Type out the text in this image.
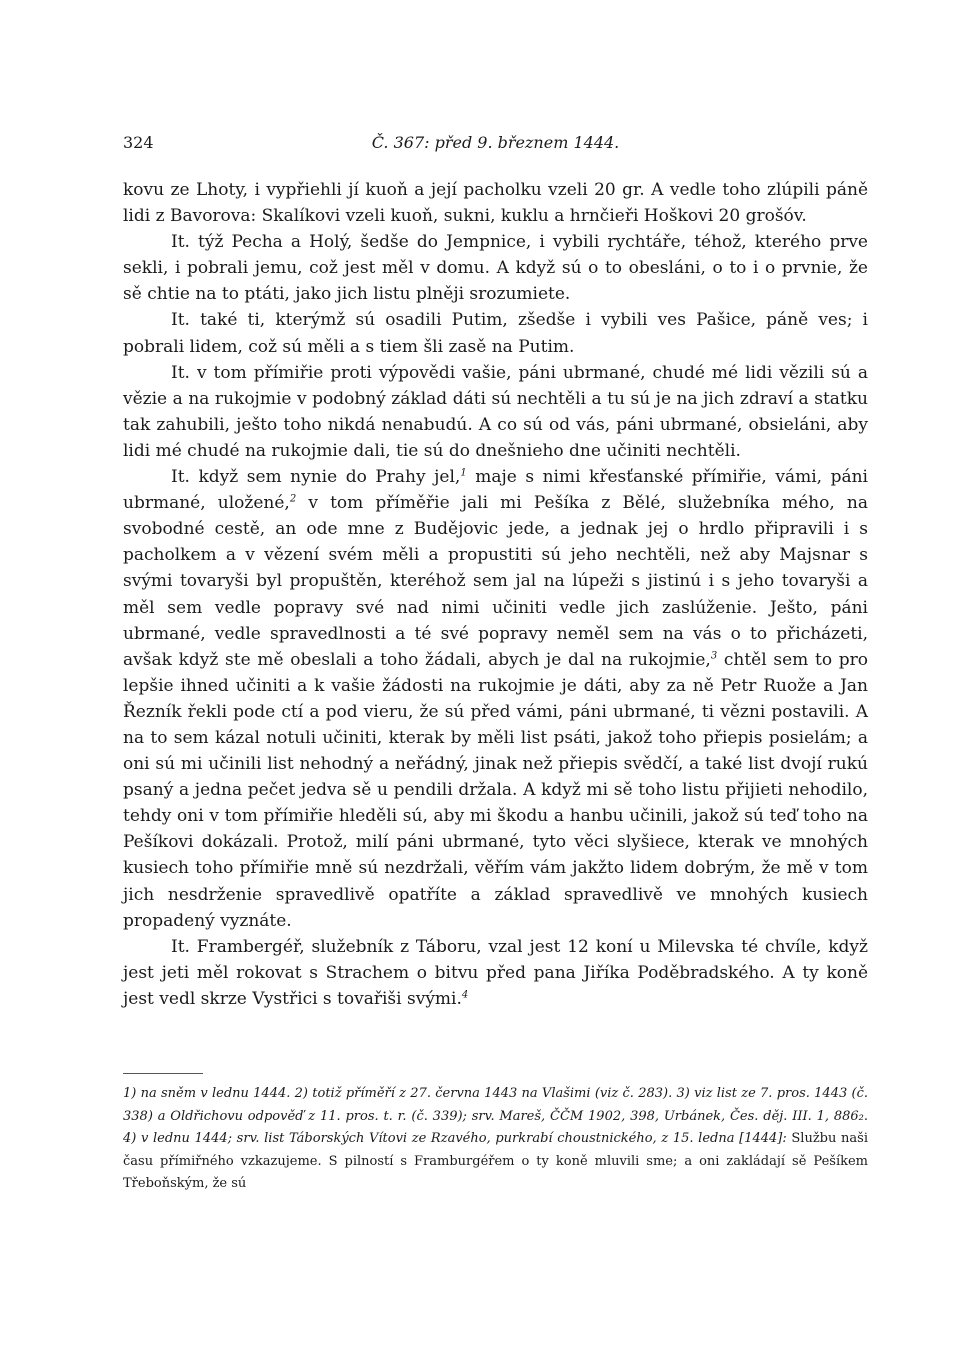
324	Č. 367: před 9. březnem 1444.

kovu ze Lhoty, i vypřiehli jí kuoň a její pacholku vzeli 20 gr. A vedle toho zlúpili páně lidi z Bavorova: Skalíkovi vzeli kuoň, sukni, kuklu a hrnčieři Hoškovi 20 grošóv.

It. týž Pecha a Holý, šedše do Jempnice, i vybili rychtáře, téhož, kterého prve sekli, i pobrali jemu, což jest měl v domu. A když sú o to obesláni, o to i o prvnie, že sě chtie na to ptáti, jako jich listu plněji srozumiete.

It. také ti, kterýmž sú osadili Putim, zšedše i vybili ves Pašice, páně ves; i pobrali lidem, což sú měli a s tiem šli zasě na Putim.

It. v tom přímiřie proti výpovědi vašie, páni ubrmané, chudé mé lidi vězili sú a vězie a na rukojmie v podobný základ dáti sú nechtěli a tu sú je na jich zdraví a statku tak zahubili, ješto toho nikdá nenabudú. A co sú od vás, páni ubrmané, obsieláni, aby lidi mé chudé na rukojmie dali, tie sú do dnešnieho dne učiniti nechtěli.

It. když sem nynie do Prahy jel,$^1$ maje s nimi křesťanské přímiřie, vámi, páni ubrmané, uložené,$^2$ v tom příměřie jali mi Pešíka z Bělé, služebníka mého, na svobodné cestě, an ode mne z Budějovic jede, a jednak jej o hrdlo připravili i s pacholkem a v vězení svém měli a propustiti sú jeho nechtěli, než aby Majsnar s svými tovaryši byl propuštěn, kteréhož sem jal na lúpeži s jistinú i s jeho tovaryši a měl sem vedle popravy své nad nimi učiniti vedle jich zaslúženie. Ješto, páni ubrmané, vedle spravedlnosti a té své popravy neměl sem na vás o to přicházeti, avšak když ste mě obeslali a toho žádali, abych je dal na rukojmie,$^3$ chtěl sem to pro lepšie ihned učiniti a k vašie žádosti na rukojmie je dáti, aby za ně Petr Ruože a Jan Řezník řekli pode ctí a pod vieru, že sú před vámi, páni ubrmané, ti vězni postavili. A na to sem kázal notuli učiniti, kterak by měli list psáti, jakož toho přiepis posielám; a oni sú mi učinili list nehodný a neřádný, jinak než přiepis svědčí, a také list dvojí rukú psaný a jedna pečet jedva sě u pendili držala. A když mi sě toho listu přijieti nehodilo, tehdy oni v tom přímiřie hleděli sú, aby mi škodu a hanbu učinili, jakož sú teď toho na Pešíkovi dokázali. Protož, milí páni ubrmané, tyto věci slyšiece, kterak ve mnohých kusiech toho přímiřie mně sú nezdržali, věřím vám jakžto lidem dobrým, že mě v tom jich nesdrženie spravedlivě opatříte a základ spravedlivě ve mnohých kusiech propadený vyznáte.

It. Frambergéř, služebník z Táboru, vzal jest 12 koní u Milevska té chvíle, když jest jeti měl rokovat s Strachem o bitvu před pana Jiříka Poděbradského. A ty koně jest vedl skrze Vystřici s tovařiši svými.$^4$

1) na sněm v lednu 1444. 2) totiž příměří z 27. června 1443 na Vlašimi (viz č. 283). 3) viz list ze 7. pros. 1443 (č. 338) a Oldřichovu odpověď z 11. pros. t. r. (č. 339); srv. Mareš, ČČM 1902, 398, Urbánek, Čes. děj. III. 1, 886₂. 4) v lednu 1444; srv. list Táborských Vítovi ze Rzavého, purkrabí choustnického, z 15. ledna [1444]: Službu naši času přímiřného vzkazujeme. S pilností s Framburgéřem o ty koně mluvili sme; a oni zakládají sě Pešíkem Třeboňským, že sú
